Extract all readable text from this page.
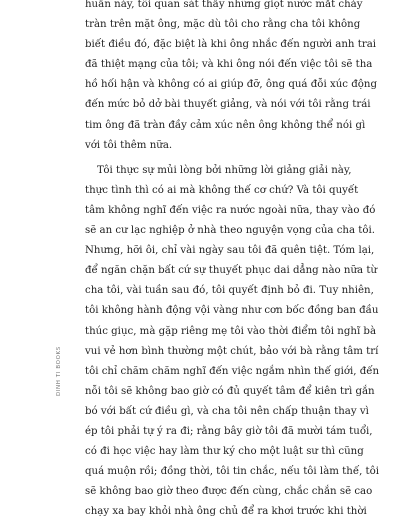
huấn này, tôi quan sát thấy những giọt nước mắt chảy
tràn trên mặt ông, mặc dù tôi cho rằng cha tôi không
biết điều đó, đặc biệt là khi ông nhắc đến người anh trai
đã thiệt mạng của tôi; và khi ông nói đến việc tôi sẽ tha
hồ hối hận và không có ai giúp đỡ, ông quá đỗi xúc động
đến mức bỏ dở bài thuyết giảng, và nói với tôi rằng trái
tim ông đã tràn đầy cảm xúc nên ông không thể nói gì
với tôi thêm nữa.
Tôi thực sự mủi lòng bởi những lời giảng giải này,
thực tình thì có ai mà không thế cơ chứ? Và tôi quyết
tâm không nghĩ đến việc ra nước ngoài nữa, thay vào đó
sẽ an cư lạc nghiệp ở nhà theo nguyện vọng của cha tôi.
Nhưng, hỡi ôi, chỉ vài ngày sau tôi đã quên tiệt. Tóm lại,
để ngăn chặn bất cứ sự thuyết phục dai dẳng nào nữa từ
cha tôi, vài tuần sau đó, tôi quyết định bỏ đi. Tuy nhiên,
tôi không hành động vội vàng như cơn bốc đồng ban đầu
thúc giục, mà gặp riêng mẹ tôi vào thời điểm tôi nghĩ bà
vui vẻ hơn bình thường một chút, bảo với bà rằng tâm trí
tôi chỉ chăm chăm nghĩ đến việc ngắm nhìn thế giới, đến
nỗi tôi sẽ không bao giờ có đủ quyết tâm để kiên trì gắn
bó với bất cứ điều gì, và cha tôi nên chấp thuận thay vì
ép tôi phải tự ý ra đi; rằng bây giờ tôi đã mười tám tuổi,
có đi học việc hay làm thư ký cho một luật sư thì cũng
quá muộn rồi; đồng thời, tôi tin chắc, nếu tôi làm thế, tôi
sẽ không bao giờ theo được đến cùng, chắc chắn sẽ cao
chạy xa bay khỏi nhà ông chủ để ra khơi trước khi thời
DINH TI BOOKS
